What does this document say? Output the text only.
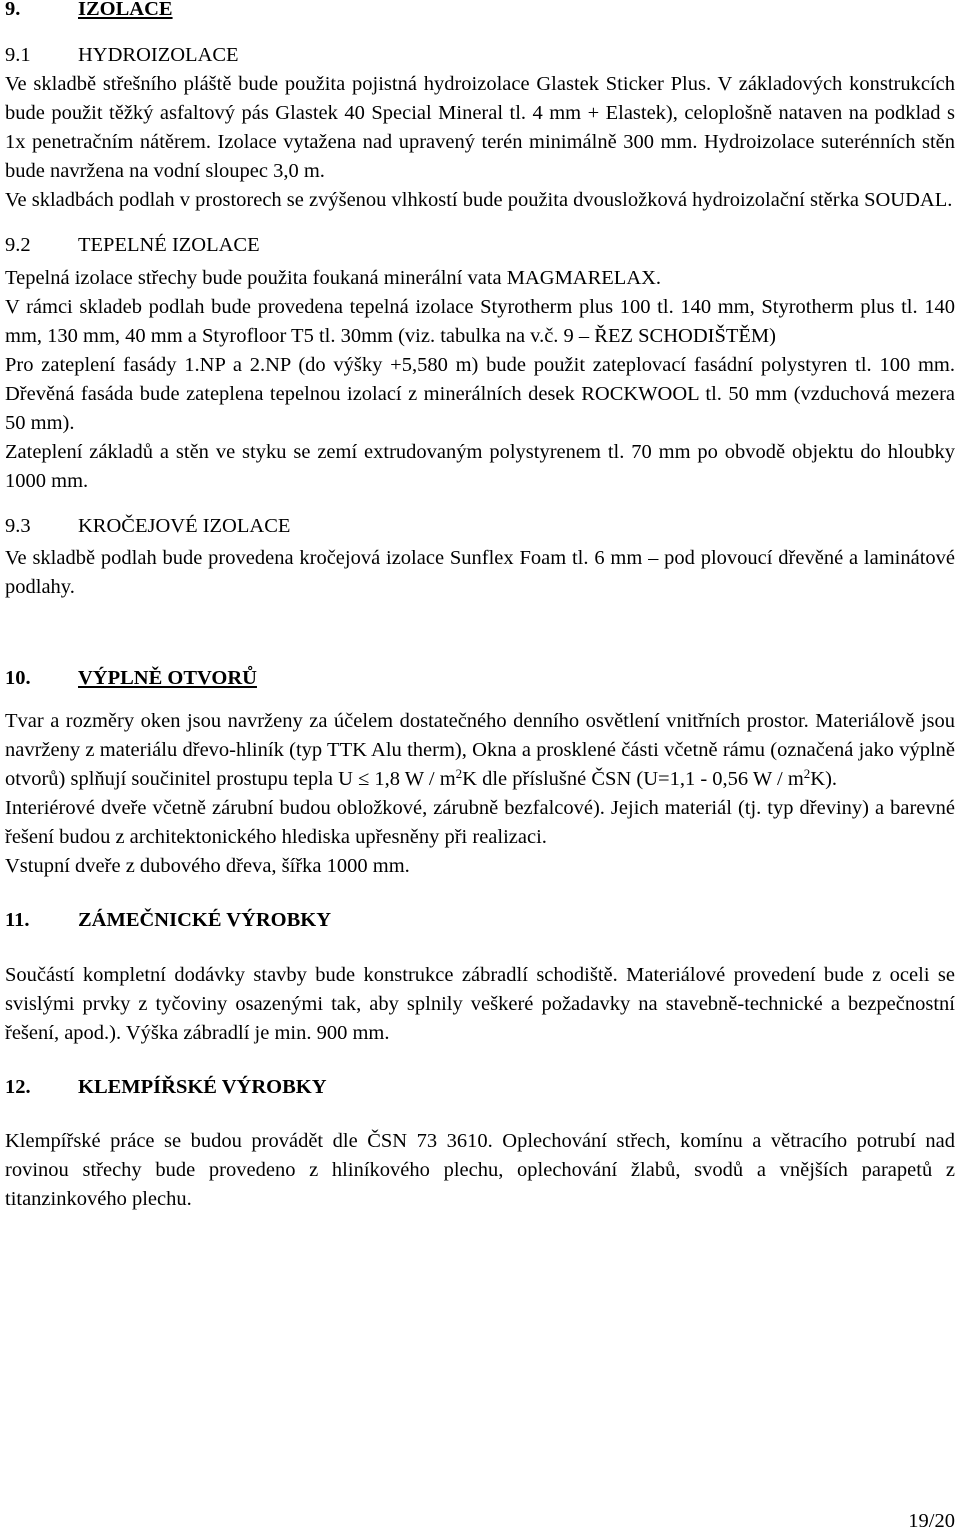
9.	IZOLACE
9.1 HYDROIZOLACE

Ve skladbě střešního pláště bude použita pojistná hydroizolace Glastek Sticker Plus. V základových konstrukcích bude použit těžký asfaltový pás Glastek 40 Special Mineral tl. 4 mm + Elastek), celoplošně nataven na podklad s 1x penetračním nátěrem. Izolace vytažena nad upravený terén minimálně 300 mm. Hydroizolace suterénních stěn bude navržena na vodní sloupec 3,0 m.

Ve skladbách podlah v prostorech se zvýšenou vlhkostí bude použita dvousložková hydroizolační stěrka SOUDAL.

9.2 TEPELNÉ IZOLACE

Tepelná izolace střechy bude použita foukaná minerální vata MAGMARELAX.

V rámci skladeb podlah bude provedena tepelná izolace Styrotherm plus 100 tl. 140 mm, Styrotherm plus tl. 140 mm, 130 mm, 40 mm a Styrofloor T5 tl. 30mm (viz. tabulka na v.č. 9 – ŘEZ SCHODIŠTĚM)

Pro zateplení fasády 1.NP a 2.NP (do výšky +5,580 m) bude použit zateplovací fasádní polystyren tl. 100 mm. Dřevěná fasáda bude zateplena tepelnou izolací z minerálních desek ROCKWOOL tl. 50 mm (vzduchová mezera 50 mm).

Zateplení základů a stěn ve styku se zemí extrudovaným polystyrenem tl. 70 mm po obvodě objektu do hloubky 1000 mm.

9.3 KROČEJOVÉ IZOLACE

Ve skladbě podlah bude provedena kročejová izolace Sunflex Foam tl. 6 mm – pod plovoucí dřevěné a laminátové podlahy.

10. VÝPLNĚ OTVORŮ

Tvar a rozměry oken jsou navrženy za účelem dostatečného denního osvětlení vnitřních prostor. Materiálově jsou navrženy z materiálu dřevo-hliník (typ TTK Alu therm), Okna a prosklené části včetně rámu (označená jako výplně otvorů) splňují součinitel prostupu tepla U ≤ 1,8 W / $m^2K$ dle příslušné ČSN (U=1,1 - 0,56 W / $m^2K$).

Interiérové dveře včetně zárubní budou obložkové, zárubně bezfalcové). Jejich materiál (tj. typ dřeviny) a barevné řešení budou z architektonického hlediska upřesněny při realizaci.

Vstupní dveře z dubového dřeva, šířka 1000 mm.

11. ZÁMEČNICKÉ VÝROBKY

Součástí kompletní dodávky stavby bude konstrukce zábradlí schodiště. Materiálové provedení bude z oceli se svislými prvky z tyčoviny osazenými tak, aby splnily veškeré požadavky na stavebně-technické a bezpečnostní řešení, apod.). Výška zábradlí je min. 900 mm.

12. KLEMPÍŘSKÉ VÝROBKY

Klempířské práce se budou provádět dle ČSN 73 3610. Oplechování střech, komínu a větracího potrubí nad rovinou střechy bude provedeno z hliníkového plechu, oplechování žlabů, svodů a vnějších parapetů z titanzinkového plechu.

19/20
